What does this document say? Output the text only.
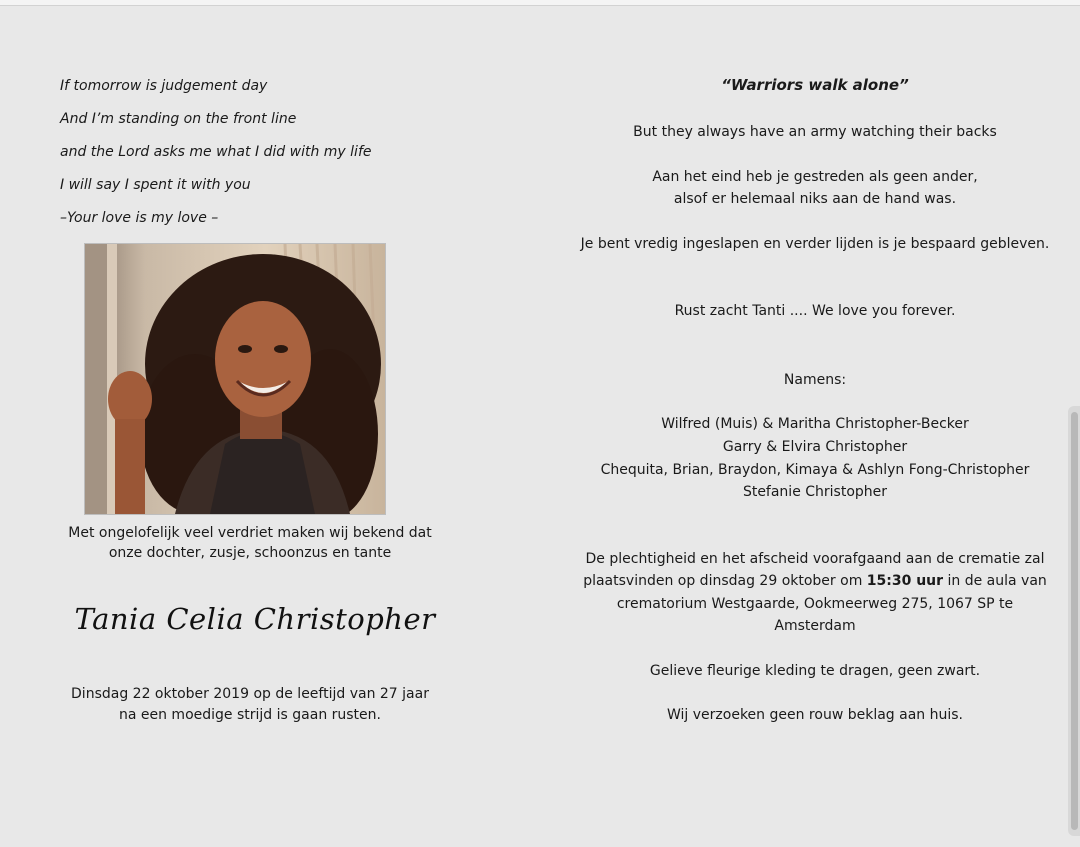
If tomorrow is judgement day
And I’m standing on the front line
and the Lord asks me what I did with my life
I will say I spent it with you
–Your love is my love –
Met ongelofelijk veel verdriet maken wij bekend dat
onze dochter, zusje, schoonzus en tante
Tania Celia Christopher
Dinsdag 22 oktober 2019 op de leeftijd van 27 jaar
na een moedige strijd is gaan rusten.
“Warriors walk alone”
But they always have an army watching their backs
Aan het eind heb je gestreden als geen ander,
alsof er helemaal niks aan de hand was.
Je bent vredig ingeslapen en verder lijden is je bespaard gebleven.
Rust zacht Tanti .... We love you forever.
Namens:
Wilfred (Muis) & Maritha Christopher-Becker
Garry & Elvira Christopher
Chequita, Brian, Braydon, Kimaya & Ashlyn Fong-Christopher
Stefanie Christopher
De plechtigheid en het afscheid voorafgaand aan de crematie zal
plaatsvinden op dinsdag 29 oktober om 15:30 uur in de aula van
crematorium Westgaarde, Ookmeerweg 275, 1067 SP te
Amsterdam
Gelieve fleurige kleding te dragen, geen zwart.
Wij verzoeken geen rouw beklag aan huis.
